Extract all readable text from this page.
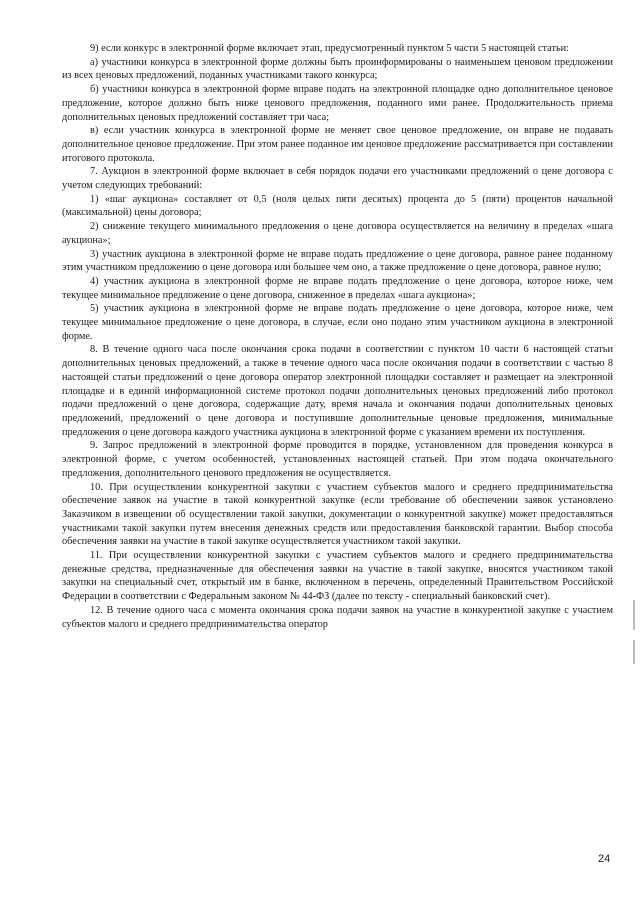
9) если конкурс в электронной форме включает этап, предусмотренный пунктом 5 части 5 настоящей статьи:

а) участники конкурса в электронной форме должны быть проинформированы о наименьшем ценовом предложении из всех ценовых предложений, поданных участниками такого конкурса;

б) участники конкурса в электронной форме вправе подать на электронной площадке одно дополнительное ценовое предложение, которое должно быть ниже ценового предложения, поданного ими ранее. Продолжительность приема дополнительных ценовых предложений составляет три часа;

в) если участник конкурса в электронной форме не меняет свое ценовое предложение, он вправе не подавать дополнительное ценовое предложение. При этом ранее поданное им ценовое предложение рассматривается при составлении итогового протокола.

7. Аукцион в электронной форме включает в себя порядок подачи его участниками предложений о цене договора с учетом следующих требований:

1) «шаг аукциона» составляет от 0,5 (ноля целых пяти десятых) процента до 5 (пяти) процентов начальной (максимальной) цены договора;

2) снижение текущего минимального предложения о цене договора осуществляется на величину в пределах «шага аукциона»;

3) участник аукциона в электронной форме не вправе подать предложение о цене договора, равное ранее поданному этим участником предложению о цене договора или большее чем оно, а также предложение о цене договора, равное нулю;

4) участник аукциона в электронной форме не вправе подать предложение о цене договора, которое ниже, чем текущее минимальное предложение о цене договора, сниженное в пределах «шага аукциона»;

5) участник аукциона в электронной форме не вправе подать предложение о цене договора, которое ниже, чем текущее минимальное предложение о цене договора, в случае, если оно подано этим участником аукциона в электронной форме.

8. В течение одного часа после окончания срока подачи в соответствии с пунктом 10 части 6 настоящей статьи дополнительных ценовых предложений, а также в течение одного часа после окончания подачи в соответствии с частью 8 настоящей статьи предложений о цене договора оператор электронной площадки составляет и размещает на электронной площадке и в единой информационной системе протокол подачи дополнительных ценовых предложений либо протокол подачи предложений о цене договора, содержащие дату, время начала и окончания подачи дополнительных ценовых предложений, предложений о цене договора и поступившие дополнительные ценовые предложения, минимальные предложения о цене договора каждого участника аукциона в электронной форме с указанием времени их поступления.

9. Запрос предложений в электронной форме проводится в порядке, установленном для проведения конкурса в электронной форме, с учетом особенностей, установленных настоящей статьей. При этом подача окончательного предложения, дополнительного ценового предложения не осуществляется.

10. При осуществлении конкурентной закупки с участием субъектов малого и среднего предпринимательства обеспечение заявок на участие в такой конкурентной закупке (если требование об обеспечении заявок установлено Заказчиком в извещении об осуществлении такой закупки, документации о конкурентной закупке) может предоставляться участниками такой закупки путем внесения денежных средств или предоставления банковской гарантии. Выбор способа обеспечения заявки на участие в такой закупке осуществляется участником такой закупки.

11. При осуществлении конкурентной закупки с участием субъектов малого и среднего предпринимательства денежные средства, предназначенные для обеспечения заявки на участие в такой закупке, вносятся участником такой закупки на специальный счет, открытый им в банке, включенном в перечень, определенный Правительством Российской Федерации в соответствии с Федеральным законом № 44-ФЗ (далее по тексту - специальный банковский счет).

12. В течение одного часа с момента окончания срока подачи заявок на участие в конкурентной закупке с участием субъектов малого и среднего предпринимательства оператор

24
